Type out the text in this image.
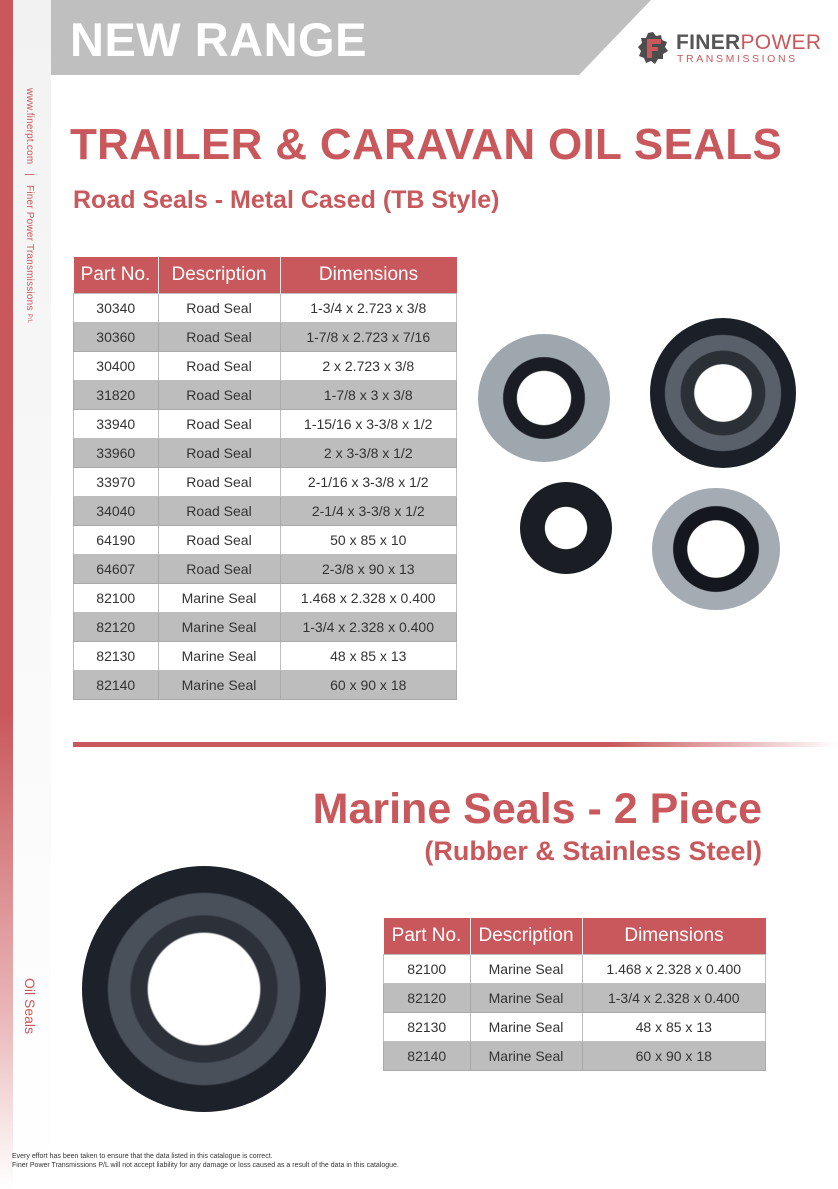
www.finerpt.com   |   Finer Power Transmissions P/L
Oil Seals
NEW RANGE	FINERPOWER
TRANSMISSIONS
TRAILER & CARAVAN OIL SEALS
Road Seals - Metal Cased (TB Style)
Part No.	Description	Dimensions
30340	Road Seal	1-3/4 x 2.723 x 3/8
30360	Road Seal	1-7/8 x 2.723 x 7/16
30400	Road Seal	2 x 2.723 x 3/8
31820	Road Seal	1-7/8 x 3 x 3/8
33940	Road Seal	1-15/16 x 3-3/8 x 1/2
33960	Road Seal	2 x 3-3/8 x 1/2
33970	Road Seal	2-1/16 x 3-3/8 x 1/2
34040	Road Seal	2-1/4 x 3-3/8 x 1/2
64190	Road Seal	50 x 85 x 10
64607	Road Seal	2-3/8 x 90 x 13
82100	Marine Seal	1.468 x 2.328 x 0.400
82120	Marine Seal	1-3/4 x 2.328 x 0.400
82130	Marine Seal	48 x 85 x 13
82140	Marine Seal	60 x 90 x 18
Marine Seals - 2 Piece
(Rubber & Stainless Steel)
Part No.	Description	Dimensions
82100	Marine Seal	1.468 x 2.328 x 0.400
82120	Marine Seal	1-3/4 x 2.328 x 0.400
82130	Marine Seal	48 x 85 x 13
82140	Marine Seal	60 x 90 x 18
Every effort has been taken to ensure that the data listed in this catalogue is correct.
Finer Power Transmissions P/L will not accept liability for any damage or loss caused as a result of the data in this catalogue.
